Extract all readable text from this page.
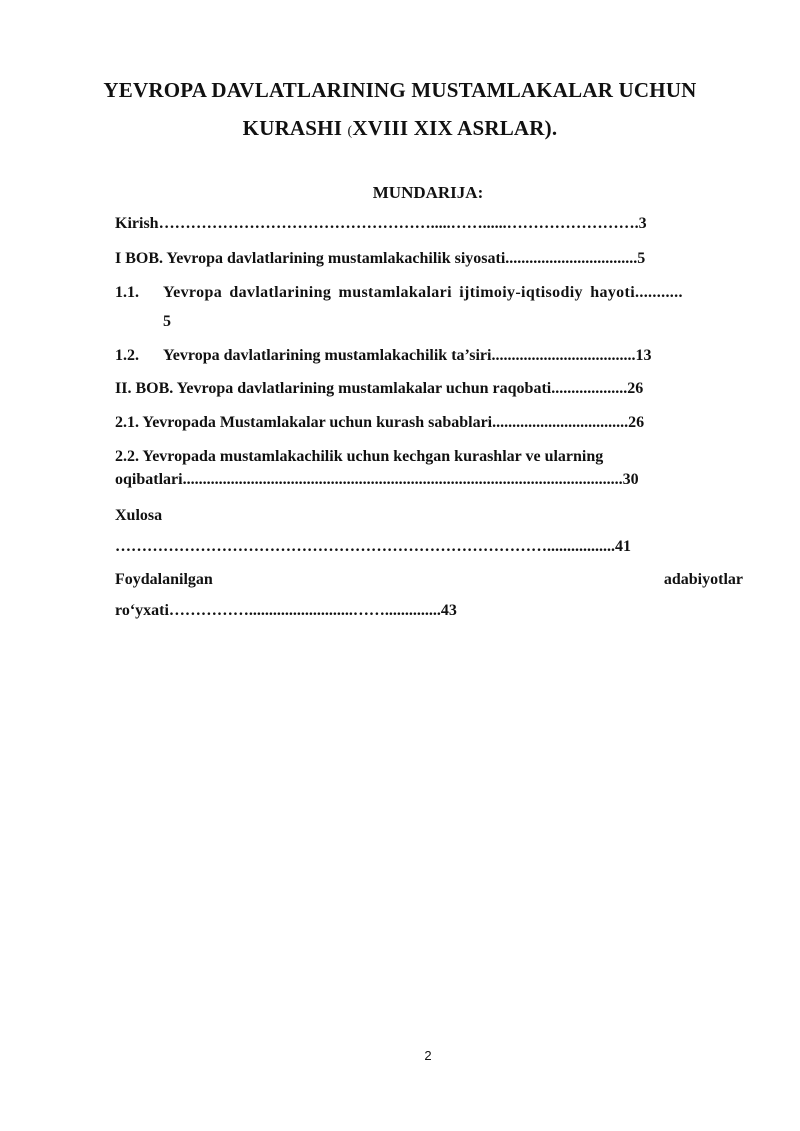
YEVROPA DAVLATLARINING MUSTAMLAKALAR UCHUN
KURASHI (XVIII XIX ASRLAR).
MUNDARIJA:
Kirish…………………………………………….....……......…………………….3
I BOB. Yevropa davlatlarining mustamlakachilik siyosati.................................5
1.1. Yevropa davlatlarining mustamlakalari ijtimoiy-iqtisodiy hayoti...........
5
1.2. Yevropa davlatlarining mustamlakachilik ta’siri....................................13
II. BOB. Yevropa davlatlarining mustamlakalar uchun raqobati...................26
2.1. Yevropada Mustamlakalar uchun kurash sabablari..................................26
2.2. Yevropada mustamlakachilik uchun kechgan kurashlar ve ularning
oqibatlari..............................................................................................................30
Xulosa
……………………………………………………………………….................41
Foydalanilgan	adabiyotlar
ro‘yxati……………..........................……..............43
2
